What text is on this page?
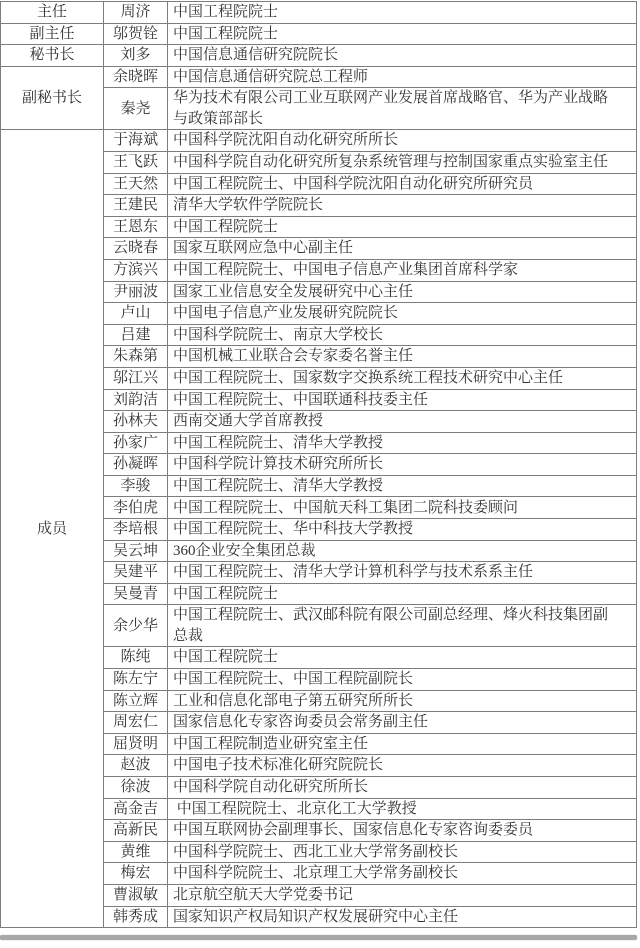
主任	周济	中国工程院院士

副主任	邬贺铨	中国工程院院士

秘书长	刘多	中国信息通信研究院院长

副秘书长	余晓晖	中国信息通信研究院总工程师

	秦尧	华为技术有限公司工业互联网产业发展首席战略官、华为产业战略与政策部部长

成员	于海斌	中国科学院沈阳自动化研究所所长

	王飞跃	中国科学院自动化研究所复杂系统管理与控制国家重点实验室主任

	王天然	中国工程院院士、中国科学院沈阳自动化研究所研究员

	王建民	清华大学软件学院院长

	王恩东	中国工程院院士

	云晓春	国家互联网应急中心副主任

	方滨兴	中国工程院院士、中国电子信息产业集团首席科学家

	尹丽波	国家工业信息安全发展研究中心主任

	卢山	中国电子信息产业发展研究院院长

	吕建	中国科学院院士、南京大学校长

	朱森第	中国机械工业联合会专家委名誉主任

	邬江兴	中国工程院院士、国家数字交换系统工程技术研究中心主任

	刘韵洁	中国工程院院士、中国联通科技委主任

	孙林夫	西南交通大学首席教授

	孙家广	中国工程院院士、清华大学教授

	孙凝晖	中国科学院计算技术研究所所长

	李骏	中国工程院院士、清华大学教授

	李伯虎	中国工程院院士、中国航天科工集团二院科技委顾问

	李培根	中国工程院院士、华中科技大学教授

	吴云坤	360企业安全集团总裁

	吴建平	中国工程院院士、清华大学计算机科学与技术系系主任

	吴曼青	中国工程院院士

	余少华	中国工程院院士、武汉邮科院有限公司副总经理、烽火科技集团副总裁

	陈纯	中国工程院院士

	陈左宁	中国工程院院士、中国工程院副院长

	陈立辉	工业和信息化部电子第五研究所所长

	周宏仁	国家信息化专家咨询委员会常务副主任

	屈贤明	中国工程院制造业研究室主任

	赵波	中国电子技术标准化研究院院长

	徐波	中国科学院自动化研究所所长

	高金吉	中国工程院院士、北京化工大学教授

	高新民	中国互联网协会副理事长、国家信息化专家咨询委委员

	黄维	中国科学院院士、西北工业大学常务副校长

	梅宏	中国科学院院士、北京理工大学常务副校长

	曹淑敏	北京航空航天大学党委书记

	韩秀成	国家知识产权局知识产权发展研究中心主任
